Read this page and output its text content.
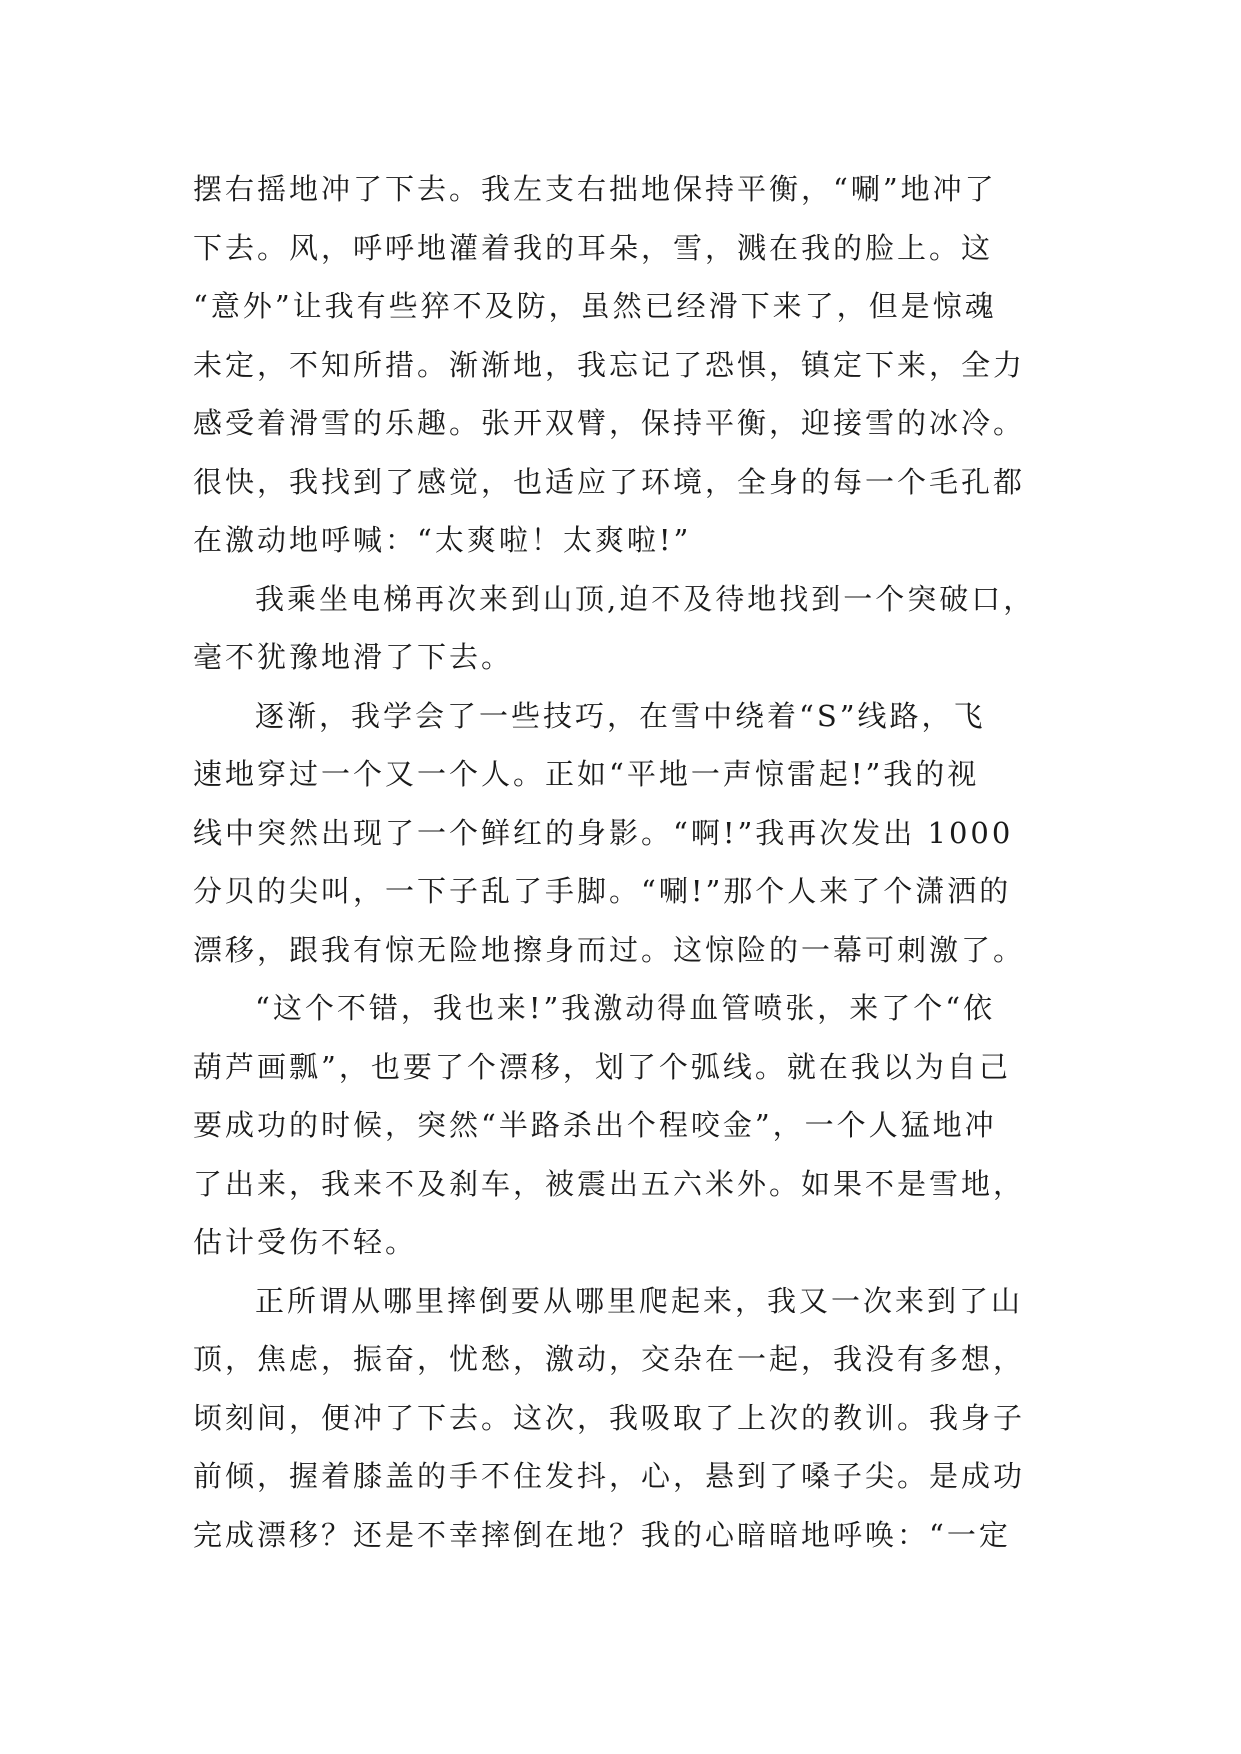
摆右摇地冲了下去。我左支右拙地保持平衡，“唰”地冲了
下去。风，呼呼地灌着我的耳朵，雪，溅在我的脸上。这
“意外”让我有些猝不及防，虽然已经滑下来了，但是惊魂
未定，不知所措。渐渐地，我忘记了恐惧，镇定下来，全力
感受着滑雪的乐趣。张开双臂，保持平衡，迎接雪的冰冷。
很快，我找到了感觉，也适应了环境，全身的每一个毛孔都
在激动地呼喊：“太爽啦！太爽啦!”
我乘坐电梯再次来到山顶,迫不及待地找到一个突破口，
毫不犹豫地滑了下去。
逐渐，我学会了一些技巧，在雪中绕着“S”线路，飞
速地穿过一个又一个人。正如“平地一声惊雷起!”我的视
线中突然出现了一个鲜红的身影。“啊!”我再次发出 1000
分贝的尖叫，一下子乱了手脚。“唰!”那个人来了个潇洒的
漂移，跟我有惊无险地擦身而过。这惊险的一幕可刺激了。
“这个不错，我也来!”我激动得血管喷张，来了个“依
葫芦画瓢”，也要了个漂移，划了个弧线。就在我以为自己
要成功的时候，突然“半路杀出个程咬金”，一个人猛地冲
了出来，我来不及刹车，被震出五六米外。如果不是雪地，
估计受伤不轻。
正所谓从哪里摔倒要从哪里爬起来，我又一次来到了山
顶，焦虑，振奋，忧愁，激动，交杂在一起，我没有多想，
顷刻间，便冲了下去。这次，我吸取了上次的教训。我身子
前倾，握着膝盖的手不住发抖，心，悬到了嗓子尖。是成功
完成漂移？还是不幸摔倒在地？我的心暗暗地呼唤：“一定
